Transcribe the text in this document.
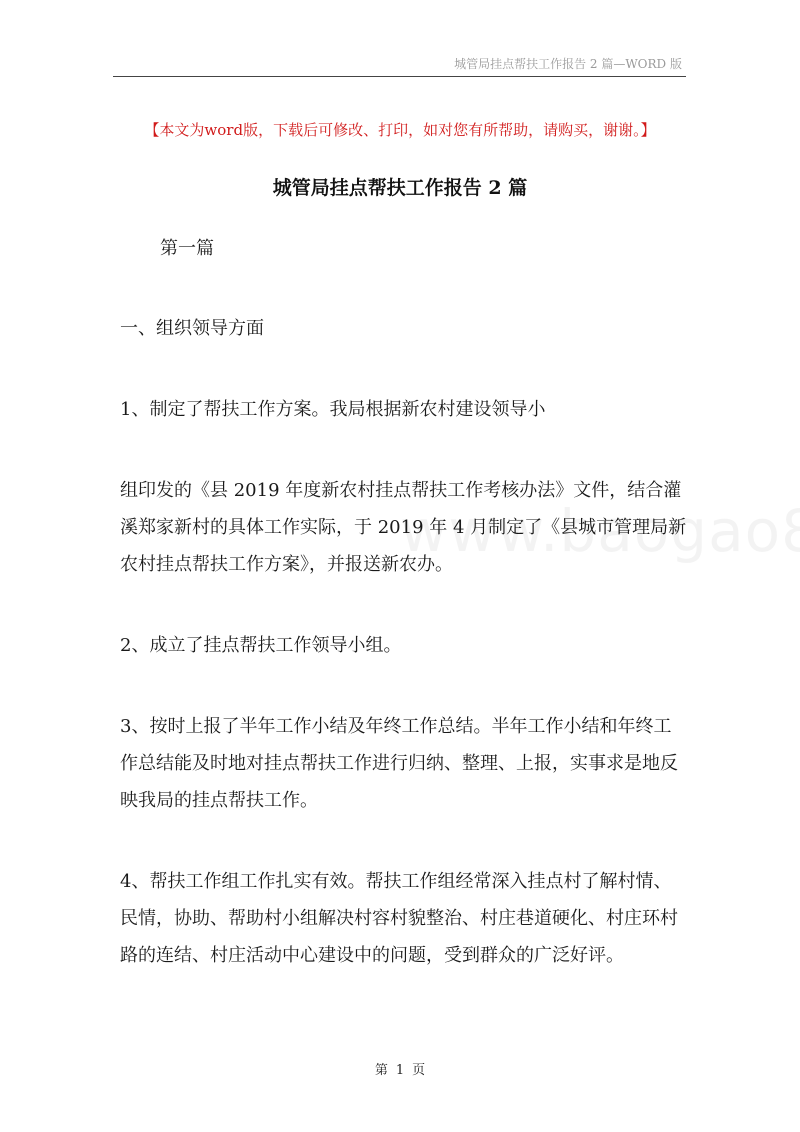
城管局挂点帮扶工作报告 2 篇—WORD 版
【本文为word版，下载后可修改、打印，如对您有所帮助，请购买，谢谢。】
城管局挂点帮扶工作报告 2 篇

第一篇

一、组织领导方面

1、制定了帮扶工作方案。我局根据新农村建设领导小

组印发的《县 2019 年度新农村挂点帮扶工作考核办法》文件，结合灌溪郑家新村的具体工作实际，于 2019 年 4 月制定了《县城市管理局新农村挂点帮扶工作方案》，并报送新农办。

2、成立了挂点帮扶工作领导小组。

3、按时上报了半年工作小结及年终工作总结。半年工作小结和年终工作总结能及时地对挂点帮扶工作进行归纳、整理、上报，实事求是地反映我局的挂点帮扶工作。

4、帮扶工作组工作扎实有效。帮扶工作组经常深入挂点村了解村情、民情，协助、帮助村小组解决村容村貌整治、村庄巷道硬化、村庄环村路的连结、村庄活动中心建设中的问题，受到群众的广泛好评。

第 1 页
